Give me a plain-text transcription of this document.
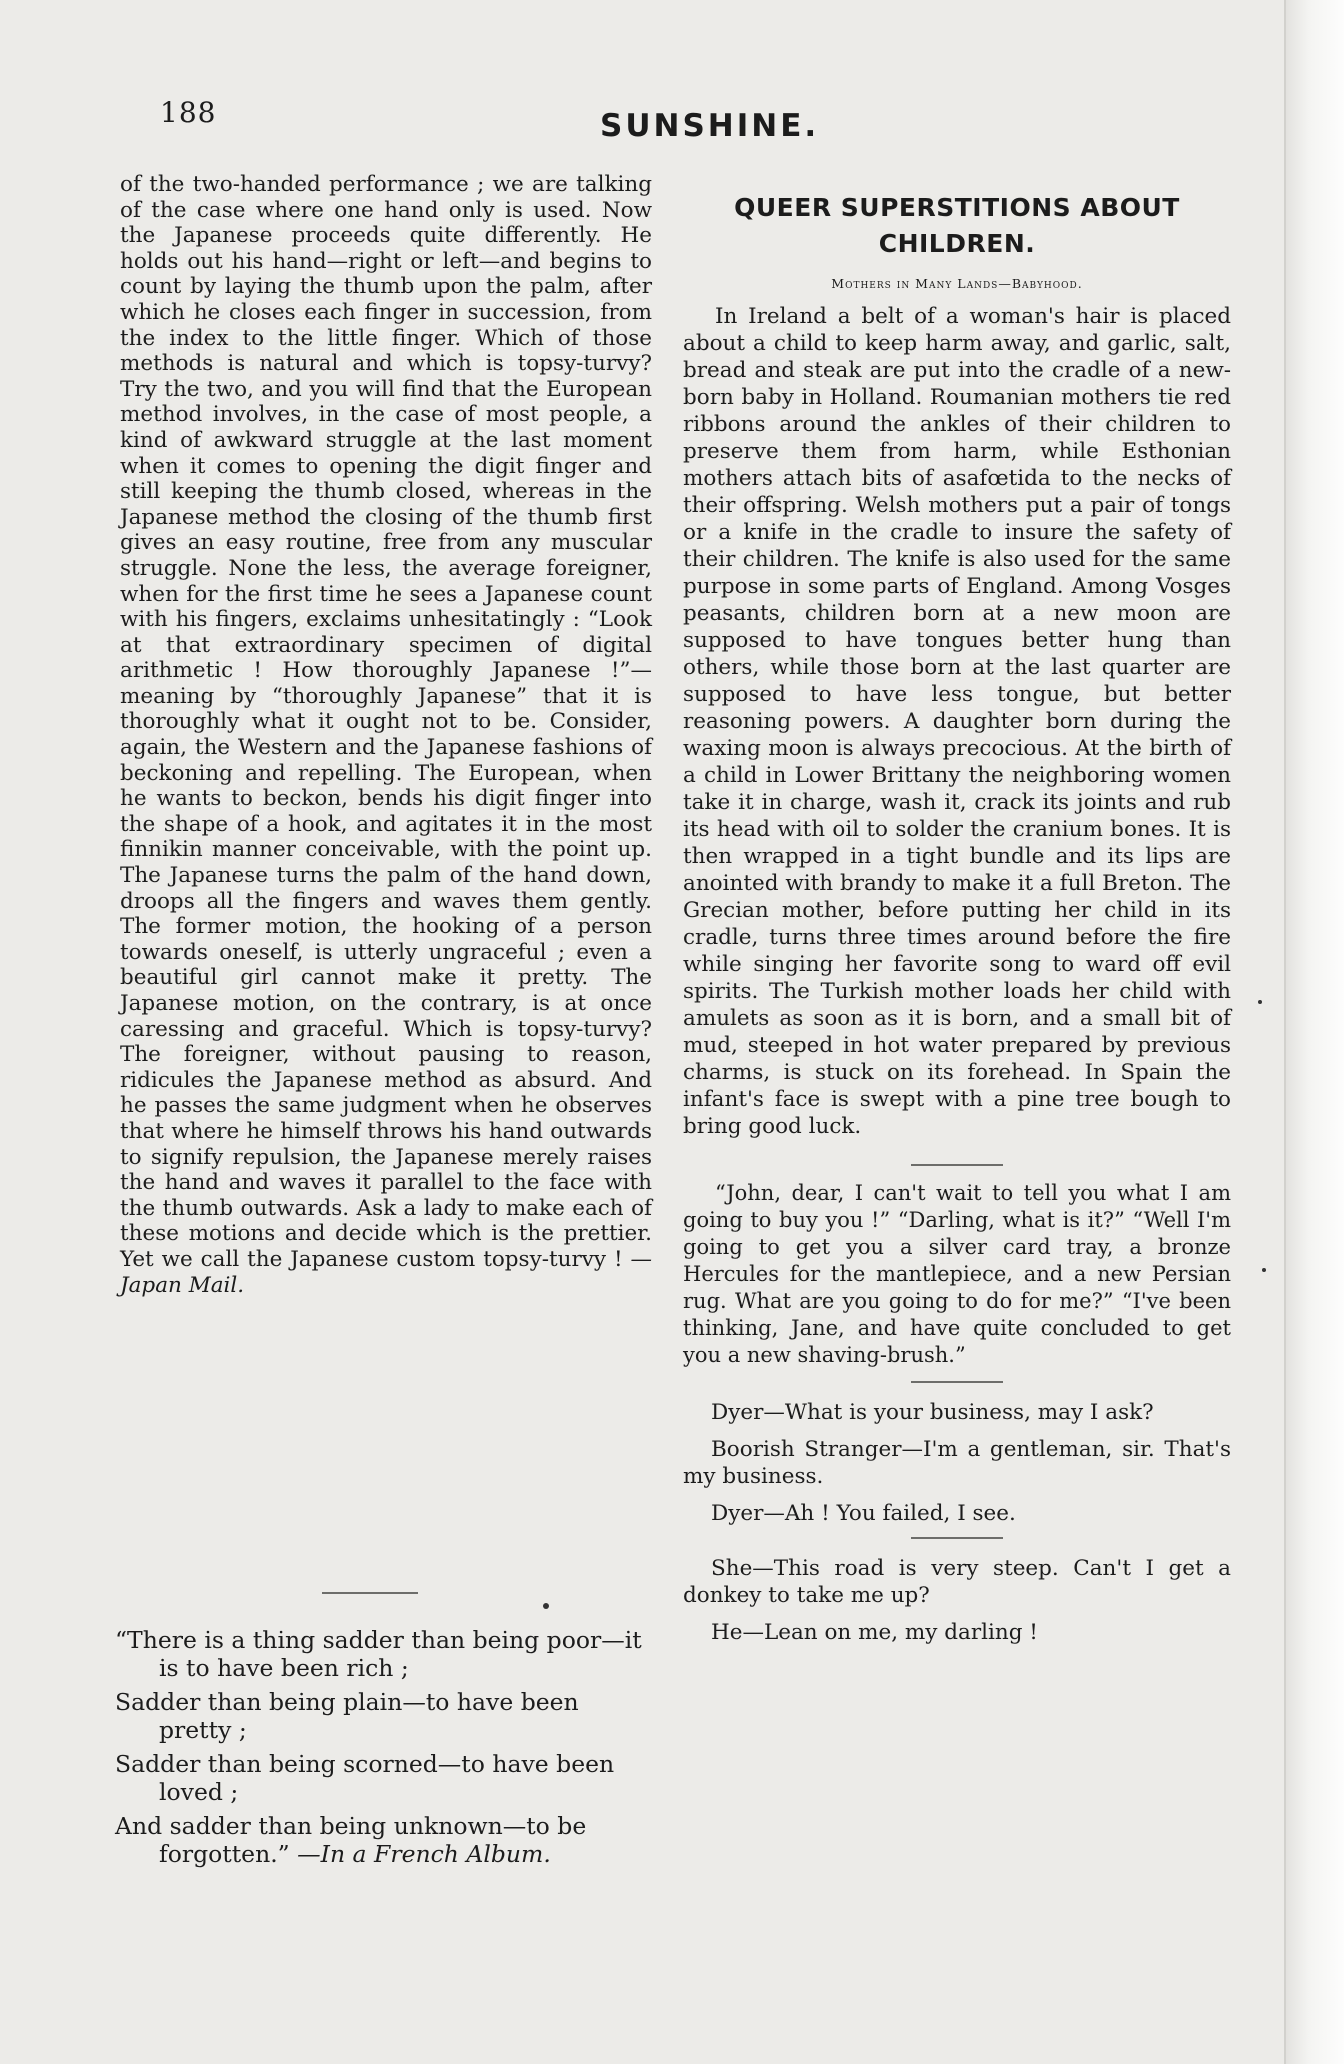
188	SUNSHINE.

of the two-handed performance ; we are talking of the case where one hand only is used. Now the Japanese proceeds quite differently. He holds out his hand—right or left—and begins to count by laying the thumb upon the palm, after which he closes each finger in succession, from the index to the little finger. Which of those methods is natural and which is topsy-turvy? Try the two, and you will find that the European method involves, in the case of most people, a kind of awkward struggle at the last moment when it comes to opening the digit finger and still keeping the thumb closed, whereas in the Japanese method the closing of the thumb first gives an easy routine, free from any muscular struggle. None the less, the average foreigner, when for the first time he sees a Japanese count with his fingers, exclaims unhesitatingly : “Look at that extraordinary specimen of digital arithmetic ! How thoroughly Japanese !”—meaning by “thoroughly Japanese” that it is thoroughly what it ought not to be. Consider, again, the Western and the Japanese fashions of beckoning and repelling. The European, when he wants to beckon, bends his digit finger into the shape of a hook, and agitates it in the most finnikin manner conceivable, with the point up. The Japanese turns the palm of the hand down, droops all the fingers and waves them gently. The former motion, the hooking of a person towards oneself, is utterly ungraceful ; even a beautiful girl cannot make it pretty. The Japanese motion, on the contrary, is at once caressing and graceful. Which is topsy-turvy? The foreigner, without pausing to reason, ridicules the Japanese method as absurd. And he passes the same judgment when he observes that where he himself throws his hand outwards to signify repulsion, the Japanese merely raises the hand and waves it parallel to the face with the thumb outwards. Ask a lady to make each of these motions and decide which is the prettier. Yet we call the Japanese custom topsy-turvy ! —Japan Mail.

“There is a thing sadder than being poor—it is to have been rich ;
Sadder than being plain—to have been pretty ;
Sadder than being scorned—to have been loved ;
And sadder than being unknown—to be forgotten.” —In a French Album.
QUEER SUPERSTITIONS ABOUT CHILDREN.
Mothers in Many Lands—Babyhood.

In Ireland a belt of a woman's hair is placed about a child to keep harm away, and garlic, salt, bread and steak are put into the cradle of a new-born baby in Holland. Roumanian mothers tie red ribbons around the ankles of their children to preserve them from harm, while Esthonian mothers attach bits of asafœtida to the necks of their offspring. Welsh mothers put a pair of tongs or a knife in the cradle to insure the safety of their children. The knife is also used for the same purpose in some parts of England. Among Vosges peasants, children born at a new moon are supposed to have tongues better hung than others, while those born at the last quarter are supposed to have less tongue, but better reasoning powers. A daughter born during the waxing moon is always precocious. At the birth of a child in Lower Brittany the neighboring women take it in charge, wash it, crack its joints and rub its head with oil to solder the cranium bones. It is then wrapped in a tight bundle and its lips are anointed with brandy to make it a full Breton. The Grecian mother, before putting her child in its cradle, turns three times around before the fire while singing her favorite song to ward off evil spirits. The Turkish mother loads her child with amulets as soon as it is born, and a small bit of mud, steeped in hot water prepared by previous charms, is stuck on its forehead. In Spain the infant's face is swept with a pine tree bough to bring good luck.

“John, dear, I can't wait to tell you what I am going to buy you !” “Darling, what is it?” “Well I'm going to get you a silver card tray, a bronze Hercules for the mantlepiece, and a new Persian rug. What are you going to do for me?” “I've been thinking, Jane, and have quite concluded to get you a new shaving-brush.”

Dyer—What is your business, may I ask?

Boorish Stranger—I'm a gentleman, sir. That's my business.

Dyer—Ah ! You failed, I see.

She—This road is very steep. Can't I get a donkey to take me up?

He—Lean on me, my darling !
